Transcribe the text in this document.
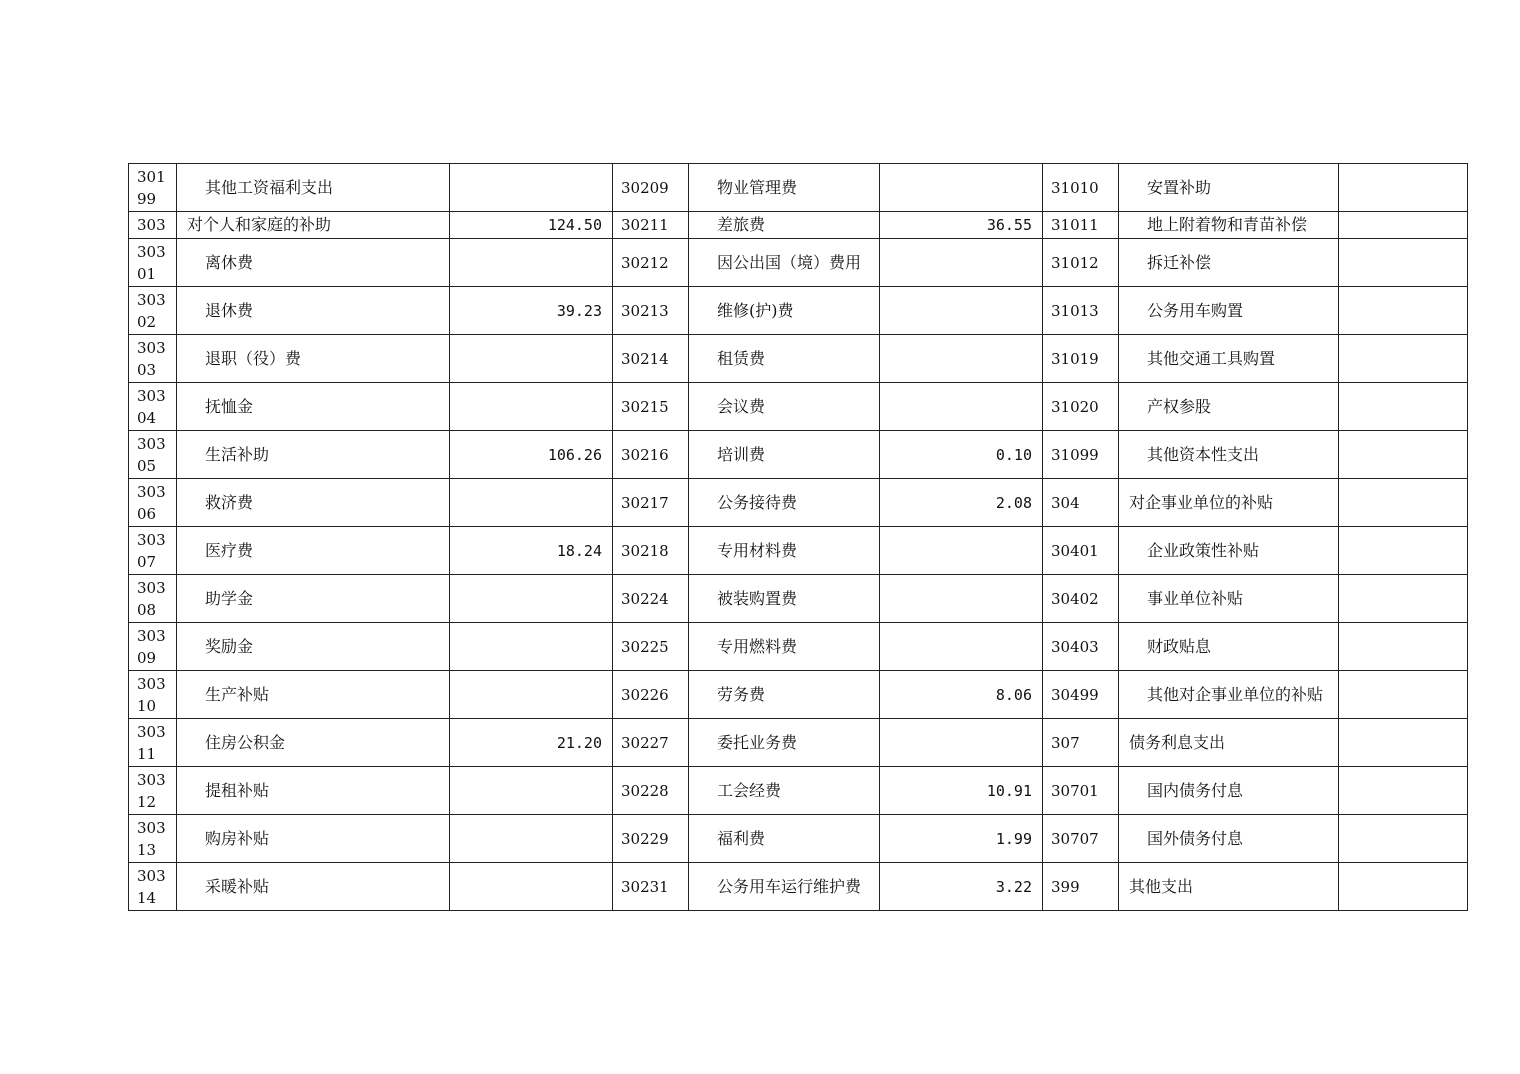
30199	其他工资福利支出		30209	物业管理费		31010	安置补助	
303	对个人和家庭的补助	124.50	30211	差旅费	36.55	31011	地上附着物和青苗补偿	
30301	离休费		30212	因公出国（境）费用		31012	拆迁补偿	
30302	退休费	39.23	30213	维修(护)费		31013	公务用车购置	
30303	退职（役）费		30214	租赁费		31019	其他交通工具购置	
30304	抚恤金		30215	会议费		31020	产权参股	
30305	生活补助	106.26	30216	培训费	0.10	31099	其他资本性支出	
30306	救济费		30217	公务接待费	2.08	304	对企事业单位的补贴	
30307	医疗费	18.24	30218	专用材料费		30401	企业政策性补贴	
30308	助学金		30224	被装购置费		30402	事业单位补贴	
30309	奖励金		30225	专用燃料费		30403	财政贴息	
30310	生产补贴		30226	劳务费	8.06	30499	其他对企事业单位的补贴	
30311	住房公积金	21.20	30227	委托业务费		307	债务利息支出	
30312	提租补贴		30228	工会经费	10.91	30701	国内债务付息	
30313	购房补贴		30229	福利费	1.99	30707	国外债务付息	
30314	采暖补贴		30231	公务用车运行维护费	3.22	399	其他支出	
